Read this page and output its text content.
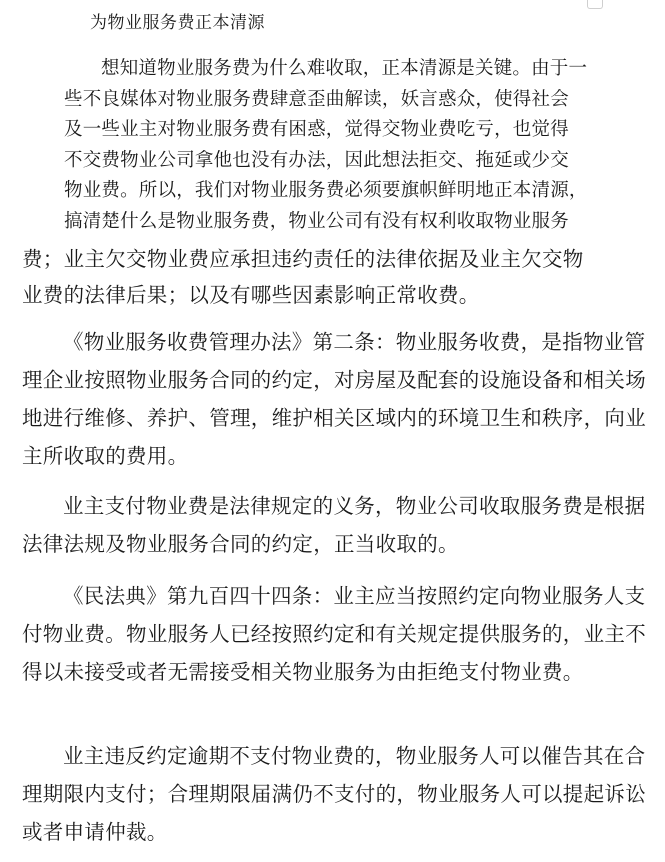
为物业服务费正本清源

想知道物业服务费为什么难收取，正本清源是关键。由于一

些不良媒体对物业服务费肆意歪曲解读，妖言惑众，使得社会

及一些业主对物业服务费有困惑，觉得交物业费吃亏，也觉得

不交费物业公司拿他也没有办法，因此想法拒交、拖延或少交

物业费。所以，我们对物业服务费必须要旗帜鲜明地正本清源，

搞清楚什么是物业服务费，物业公司有没有权利收取物业服务

费；业主欠交物业费应承担违约责任的法律依据及业主欠交物

业费的法律后果；以及有哪些因素影响正常收费。

《物业服务收费管理办法》第二条：物业服务收费，是指物业管理企业按照物业服务合同的约定，对房屋及配套的设施设备和相关场地进行维修、养护、管理，维护相关区域内的环境卫生和秩序，向业主所收取的费用。

业主支付物业费是法律规定的义务，物业公司收取服务费是根据法律法规及物业服务合同的约定，正当收取的。

《民法典》第九百四十四条：业主应当按照约定向物业服务人支付物业费。物业服务人已经按照约定和有关规定提供服务的，业主不得以未接受或者无需接受相关物业服务为由拒绝支付物业费。

业主违反约定逾期不支付物业费的，物业服务人可以催告其在合理期限内支付；合理期限届满仍不支付的，物业服务人可以提起诉讼或者申请仲裁。
